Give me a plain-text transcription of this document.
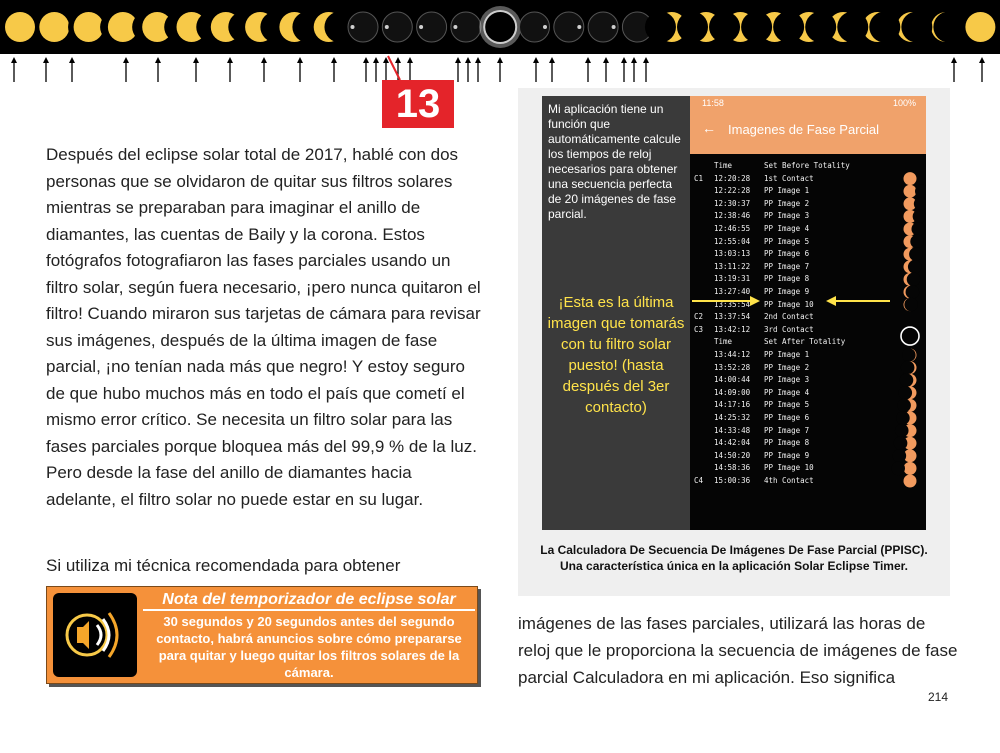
13

Después del eclipse solar total de 2017, hablé con dos personas que se olvidaron de quitar sus filtros solares mientras se preparaban para imaginar el anillo de diamantes, las cuentas de Baily y la corona. Estos fotógrafos fotografiaron las fases parciales usando un filtro solar, según fuera necesario, ¡pero nunca quitaron el filtro! Cuando miraron sus tarjetas de cámara para revisar sus imágenes, después de la última imagen de fase parcial, ¡no tenían nada más que negro! Y estoy seguro de que hubo muchos más en todo el país que cometí el mismo error crítico. Se necesita un filtro solar para las fases parciales porque bloquea más del 99,9 % de la luz. Pero desde la fase del anillo de diamantes hacia adelante, el filtro solar no puede estar en su lugar.

Si utiliza mi técnica recomendada para obtener

Nota del temporizador de eclipse solar
30 segundos y 20 segundos antes del segundo contacto, habrá anuncios sobre cómo prepararse para quitar y luego quitar los filtros solares de la cámara.
Mi aplicación tiene un función que automáticamente calcule los tiempos de reloj necesarios para obtener una secuencia perfecta de 20 imágenes de fase parcial.
¡Esta es la última imagen que tomarás con tu filtro solar puesto! (hasta después del 3er contacto)
11:58	100%
← Imagenes de Fase Parcial
Time	Set Before Totality
C1 12:20:28 1st Contact
12:22:28 PP Image 1
12:30:37 PP Image 2
12:38:46 PP Image 3
12:46:55 PP Image 4
12:55:04 PP Image 5
13:03:13 PP Image 6
13:11:22 PP Image 7
13:19:31 PP Image 8
13:27:40 PP Image 9
13:35:54 PP Image 10
C2 13:37:54 2nd Contact
C3 13:42:12 3rd Contact
Time	Set After Totality
13:44:12 PP Image 1
13:52:28 PP Image 2
14:00:44 PP Image 3
14:09:00 PP Image 4
14:17:16 PP Image 5
14:25:32 PP Image 6
14:33:48 PP Image 7
14:42:04 PP Image 8
14:50:20 PP Image 9
14:58:36 PP Image 10
C4 15:00:36 4th Contact
La Calculadora De Secuencia De Imágenes De Fase Parcial (PPISC). Una característica única en la aplicación Solar Eclipse Timer.

imágenes de las fases parciales, utilizará las horas de reloj que le proporciona la secuencia de imágenes de fase parcial Calculadora en mi aplicación. Eso significa

214
